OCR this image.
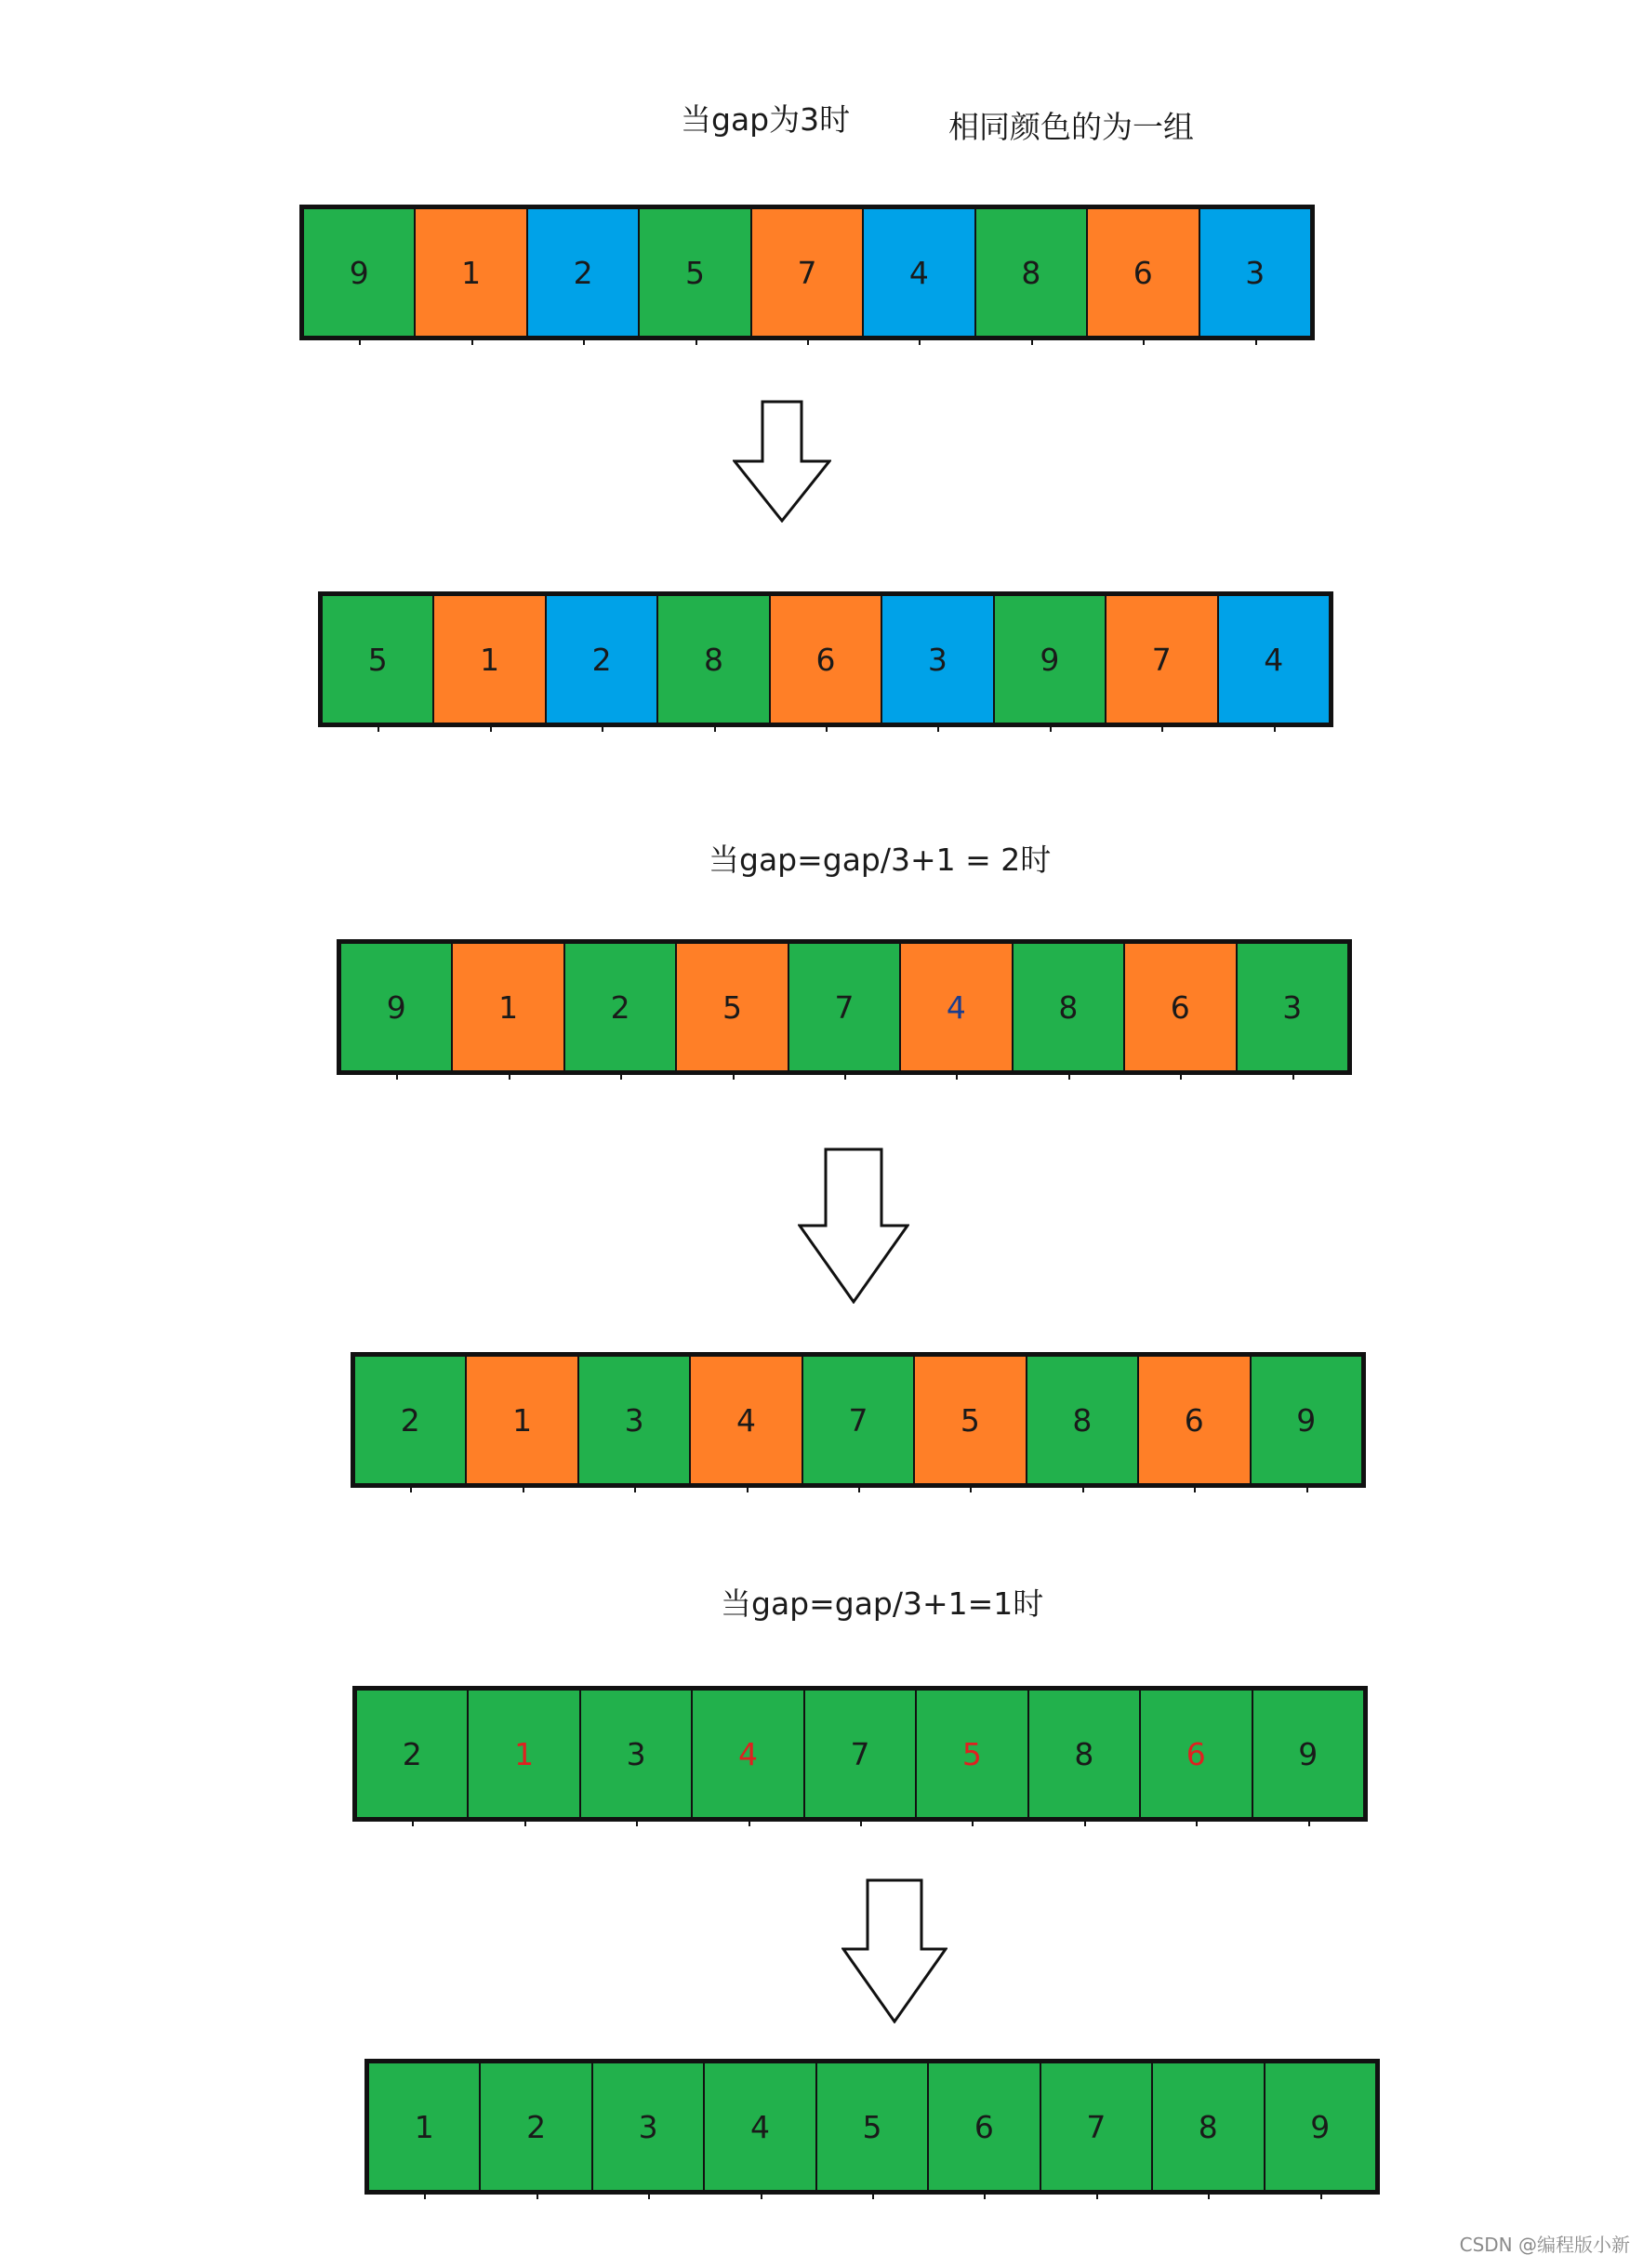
当gap为3时	相同颜色的为一组
当gap=gap/3+1 = 2时
当gap=gap/3+1=1时
9	1	2	5	7	4	8	6	3
5	1	2	8	6	3	9	7	4
9	1	2	5	7	4	8	6	3
2	1	3	4	7	5	8	6	9
2	1	3	4	7	5	8	6	9
1	2	3	4	5	6	7	8	9
CSDN @编程版小新
